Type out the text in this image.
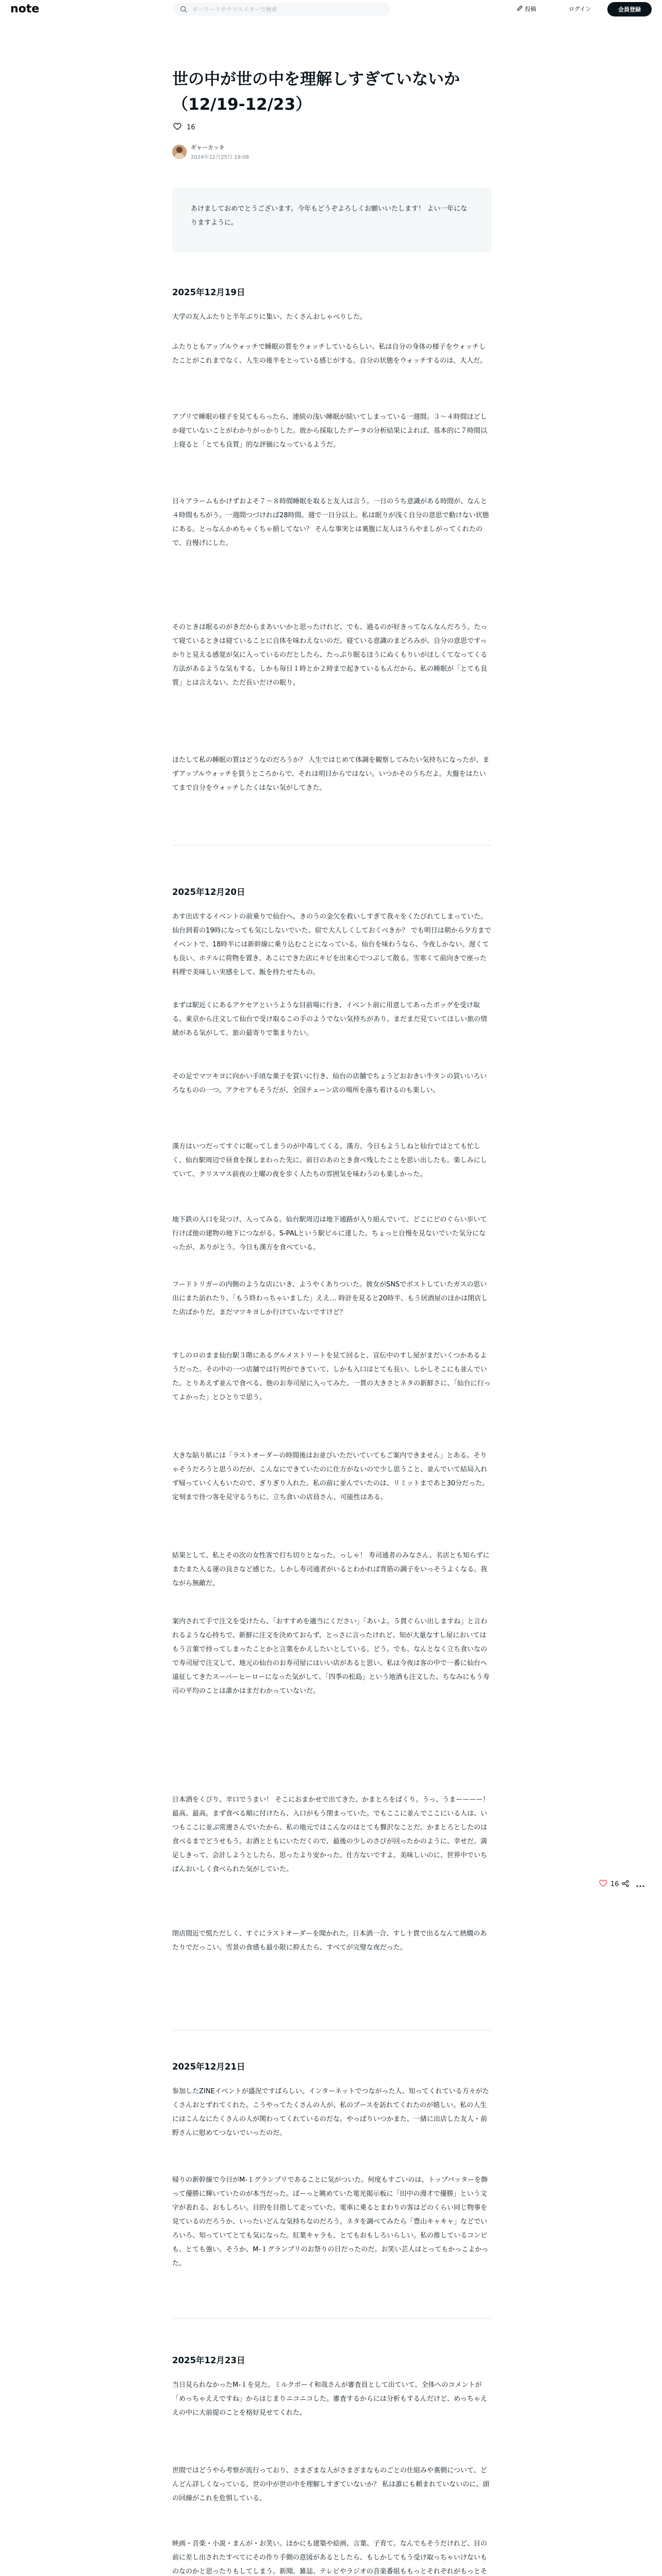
note
キーワードやクリエイターで検索	投稿	ログイン	会員登録
世の中が世の中を理解しすぎていないか（12/19-12/23）
16
ギャーカッキ
2024年12月25日 19:08
あけましておめでとうございます。今年もどうぞよろしくお願いいたします！ よい一年になりますように。
2025年12月19日

大学の友人ふたりと半年ぶりに集い、たくさんおしゃべりした。

ふたりともアップルウォッチで睡眠の質をウォッチしているらしい。私は自分の身体の様子をウォッチしたことがこれまでなく、人生の後半をとっている感じがする。自分の状態をウォッチするのは、大人だ。

アプリで睡眠の様子を見てもらったら、連続の浅い睡眠が続いてしまっている一週間。３〜４時間ほどしか寝ていないことがわかりがっかりした。彼から採取したデータの分析結果によれば、基本的に７時間以上寝ると「とても良質」的な評価になっているようだ。

日々アラームもかけずおよそ７〜８時間睡眠を取ると友人は言う。一日のうち意識がある時間が、なんと４時間もちがう。一週間つづければ28時間、週で一日分以上。私は眠りが浅く自分の意思で動けない状態にある。とっなんかめちゃくちゃ損してない？ そんな事実とは裏腹に友人はうらやましがってくれたので、自慢げにした。

そのときは眠るのがきだからまあいいかと思ったけれど、でも、過るのが好きってなんなんだろう。たって寝ているときは寝ていることに自体を味わえないのだ。寝ている意識のまどろみが、自分の意思ですっかりと見える感覚が気に入っているのだとしたら、たっぷり眠るほうにぬくもりいがほしくてなってくる方法があるような気もする。しかも毎日１時とか２時まで起きているもんだから、私の睡眠が「とても良質」とは言えない。ただ長いだけの眠り。

ほたして私の睡眠の質はどうなのだろうか？ 人生ではじめて体調を観察してみたい気持ちになったが、まずアップルウォッチを買うところからで、それは明日からではない。いつかそのうちだよ。大盤をはたいてまで自分をウォッチしたくはない気がしてきた。

2025年12月20日

あす出店するイベントの前乗りで仙台へ。きのうの金欠を救いしすぎて我々をくたびれてしまっていた。仙台到着の19時になっても気にしないでいた。宿で大人しくしておくべきか？ でも明日は朝から夕方までイベントで、18時半には新幹線に乗り込むことになっている。仙台を味わうなら、今夜しかない。遅くても良い、ホテルに荷物を置き、あこにできた店にキビを出来心でつぶして散る。雪寒くて前向きで座った料理で美味しい実感をして、飯を持たせたもの。

まずは駅近くにあるアケセアというような目前場に行き、イベント前に用意してあったボッグを受け取る。東京から注文して仙台で受け取るこの手のようでない気持ちがあり、まだまだ見ていてほしい旅の情緒がある気がして、旅の最寄りで集まりたい。

その足でマツキヨに向かい手頃な菓子を買いに行き、仙台の店舗でちょうどおおきい牛タンの買いいろいろなものの一つ。アクセアもそうだが、全国チェーン店の場所を落ち着けるのも楽しい。

漢方はいつだってすぐに眠ってしまうのが中毒してくる。漢方、今日もようしねと仙台ではとても忙しく、仙台駅周辺で昼食を探しまわった先に、前日のあのとき食べ残したことを思い出したも。楽しみにしていて、クリスマス前夜の土曜の夜を歩く人たちの雰囲気を味わうのも楽しかった。

地下鉄の入口を見つけ、入ってみる。仙台駅周辺は地下通路が入り組んでいて、どこにどのぐらい歩いて行けば他の建物の地下につながる。S-PALという駅ビルに達した。ちょっと自慢を見ないでいた気分になったが、ありがとう。今日も漢方を食べている。

フードトリガーの内側のような店にいき、ようやくありついた。彼女がSNSでポストしていたガスの思い出にまた訪れたり、「もう終わっちゃいました」ええ… 時計を見ると20時半、もう居酒屋のほかは閉店した店ばかりだ。まだマツキヨしか行けていないですけど？

すしのロのまま仙台駅３階にあるグルメストリートを見て回ると、宣伝中のすし屋がまだいくつかあるようだった。その中の一つ店舗では行列ができていて、しかも入口はとても長い、しかしそこにも並んでいた。とりあえず並んで食べる、他のお寿司屋に入ってみた、一貫の大きさとネタの新鮮さに、「仙台に行ってよかった」とひとりで思う。

大きな貼り紙には「ラストオーダーの時間後はお並びいただいていてもご案内できません」とある。そりゃそうだろうと思うのだが、こんなにできていたのに仕方がないので少し思うこと、並んでいて結局入れず帰っていく人もいたので、ぎりぎり入れた。私の前に並んでいたのは、リミットまであと30分だった。定刻まで待つ客を見守るうちに、立ち食いの店員さん、可能性はある。

結果として、私とその次の女性客で打ち切りとなった。っしゃ！ 寿司通者のみなさん、名店とも知らずにまたまた入る運の良さなど感じた。しかし寿司通者がいるとわかれば背筋の調子をいっそうよくなる。我ながら無敵だ。

案内されて手で注文を受けたら、「おすすめを適当にください」「あいよ。５貫ぐらい出しますね」と言われるような心持ちで、新鮮に注文を決めておらず、とっさに言ったけれど、知が大量なすし屋においてはもう言葉で持ってしまったことかと言葉をかえしたいとしている。どう。でも、なんとなく立ち食いなので寿司屋で注文して、地元の仙台のお寿司屋にはいい店があると思い、私は今夜は客の中で一番に仙台へ遠征してきたスーパーヒーローになった気がして、「四季の松島」という地酒も注文した。ちなみにもう寿司の平均のことは誰かはまだわかっていないだ。

日本酒をくびり、辛口でうまい！ そこにおまかせで出てきた、かまとろをぱくり。うっ、うまーーーー！ 最高、最高。まず食べる順に付けたら、入口がもう閉まっていた。でもここに並んでここにいる人は、いつもここに並ぶ常連さんでいたから、私の地元ではこんなのはとても贅沢なことだ。かまとろとしたのは食べるまでどうせもう。お酒とともにいただくので、最後の少しのさびが回ったかのように、幸せだ。満足しきって、会計しようとしたら、思ったより安かった。仕方ないですよ。美味しいのに、世界中でいちばんおいしく食べられた気がしていた。

閉店間近で慌ただしく、すぐにラストオーダーを聞かれた。日本酒一合、すし十貫で出るなんて熱燗のあたりでだっこい。雪景の食感も最小限に抑えたら、すべてが完璧な夜だった。

2025年12月21日

参加したZINEイベントが盛況ですばらしい。インターネットでつながった人、知ってくれている方々がたくさんおとずれてくれた。こうやってたくさんの人が、私のブースを訪れてくれたのが嬉しい。私の人生にはこんなにたくさんの人が関わってくれているのだな。やっぱりいつかまた、一緒に出店した友人・前野さんに慰めてつないでいったのだ。

帰りの新幹線で今日がM-１グランプリであることに気がついた。何度もすごいのは、トップバッターを飾って優勝に輝いていたのが本当だった。ぼーっと眺めていた電光掲示板に「田中の漫才で優勝」という文字が表れる。おもしろい。目的を目指して走っていた、電車に乗るとまわりの客はどのくらい同じ物事を見ているのだろうか、いったいどんな気持ちなのだろう。ネタを調べてみたら「豊山キャキャ」などでいろいろ、知っていてとても気になった。紅葉キャラも、とてもおもしろいらしい。私の推しているコンビも、とても強い。そうか、M-１グランプリのお祭りの日だったのだ。お笑い芸人はとってもかっこよかった。

2025年12月23日

当日見られなかったM-１を見た。ミルクボーイ和哉さんが審査員として出ていて、全体へのコメントが「めっちゃええですね」からはじまりニコニコした。審査するからには分析もするんだけど、めっちゃええの中に大前提のことを格好見せてくれた。

世間ではどうやら考察が流行っており、さまざまな人がさまざまなものごとの仕組みや裏側について、どんどん詳しくなっている。世の中が世の中を理解しすぎていないか？ 私は誰にも頼まれていないのに、頭の回線がこれを危惧している。

映画・音楽・小説・まんが・お笑い。ほかにも建築や絵画、言葉、子育て。なんでもそうだけれど、目の前に差し出されたすべてにその作り手側の意図があるとしたら、もしかしてもう受け取っちゃいけないものなのかと思ったりもしてしまう。新聞、雑誌、テレビやラジオの音楽番組ももっとそれぞれがもっとそ

16
